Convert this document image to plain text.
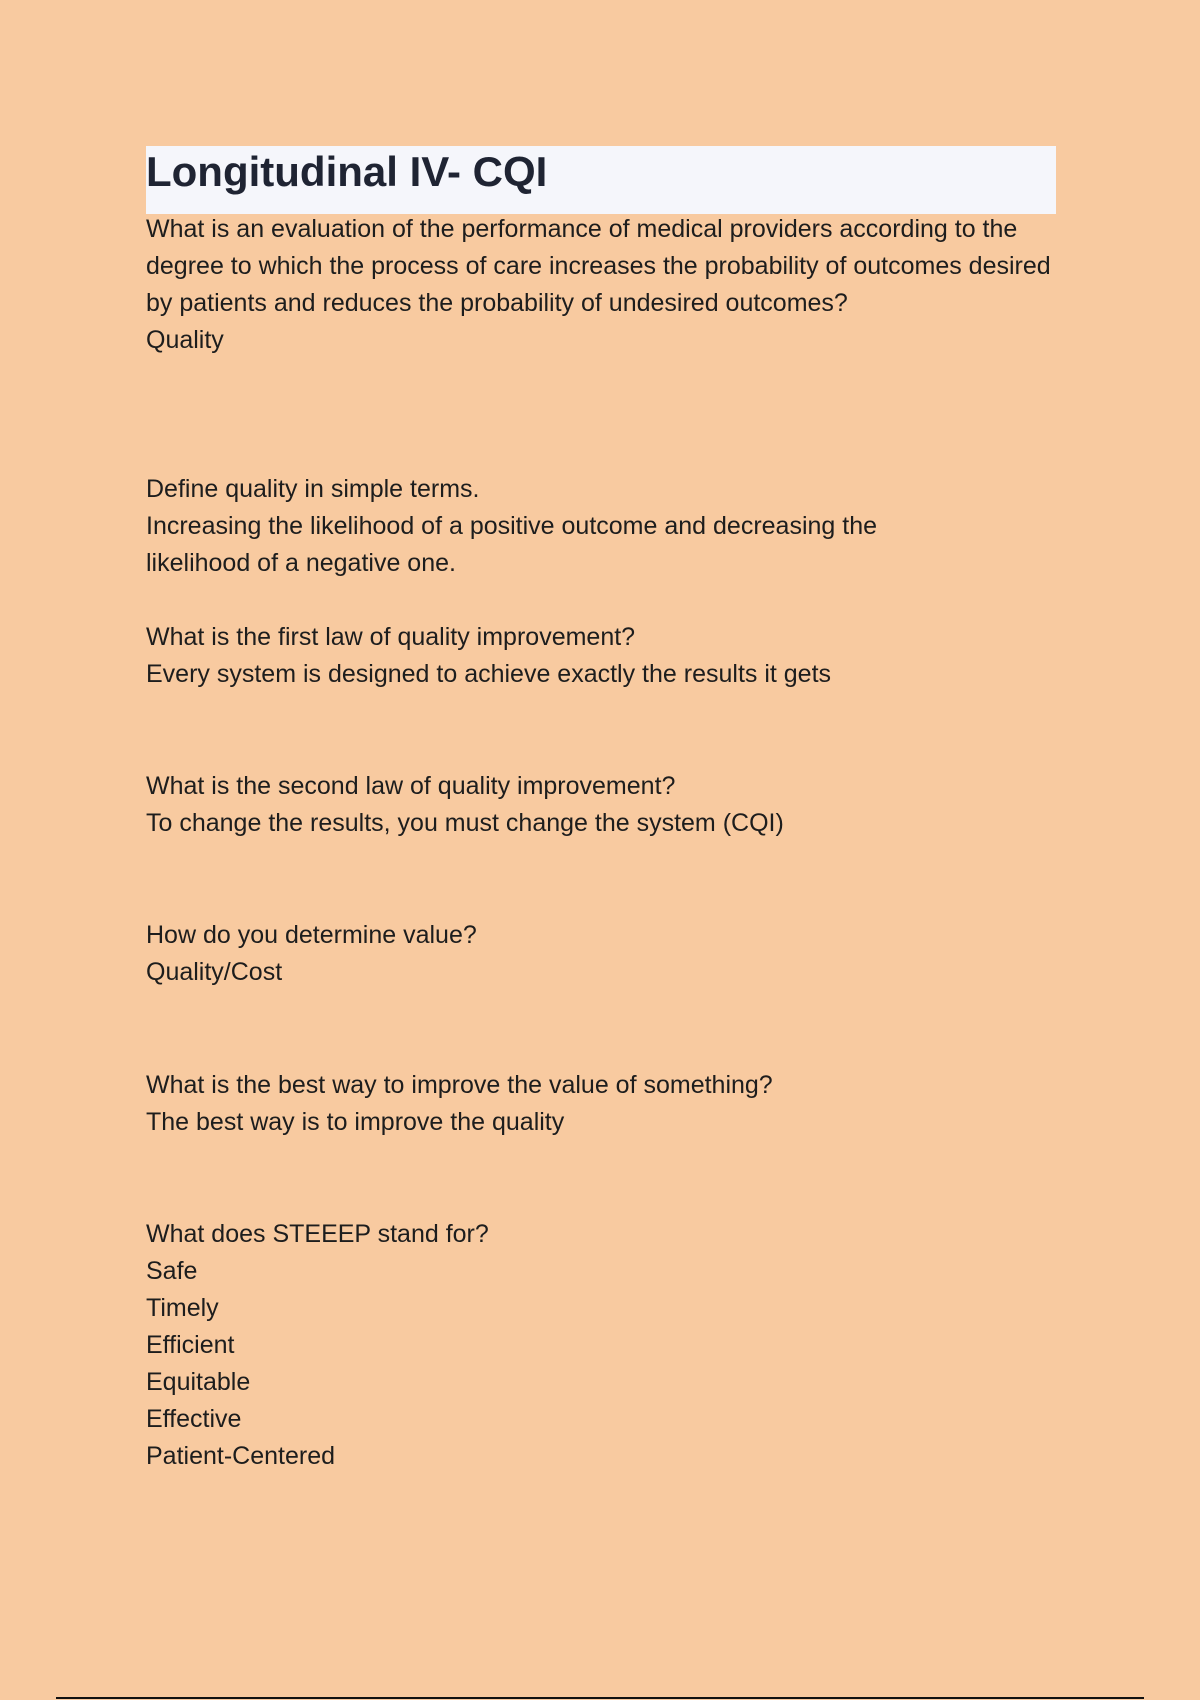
Longitudinal IV- CQI
What is an evaluation of the performance of medical providers according to the degree to which the process of care increases the probability of outcomes desired by patients and reduces the probability of undesired outcomes?
Quality
Define quality in simple terms.
Increasing the likelihood of a positive outcome and decreasing the likelihood of a negative one.
What is the first law of quality improvement?
Every system is designed to achieve exactly the results it gets
What is the second law of quality improvement?
To change the results, you must change the system (CQI)
How do you determine value?
Quality/Cost
What is the best way to improve the value of something?
The best way is to improve the quality
What does STEEEP stand for?
Safe
Timely
Efficient
Equitable
Effective
Patient-Centered
